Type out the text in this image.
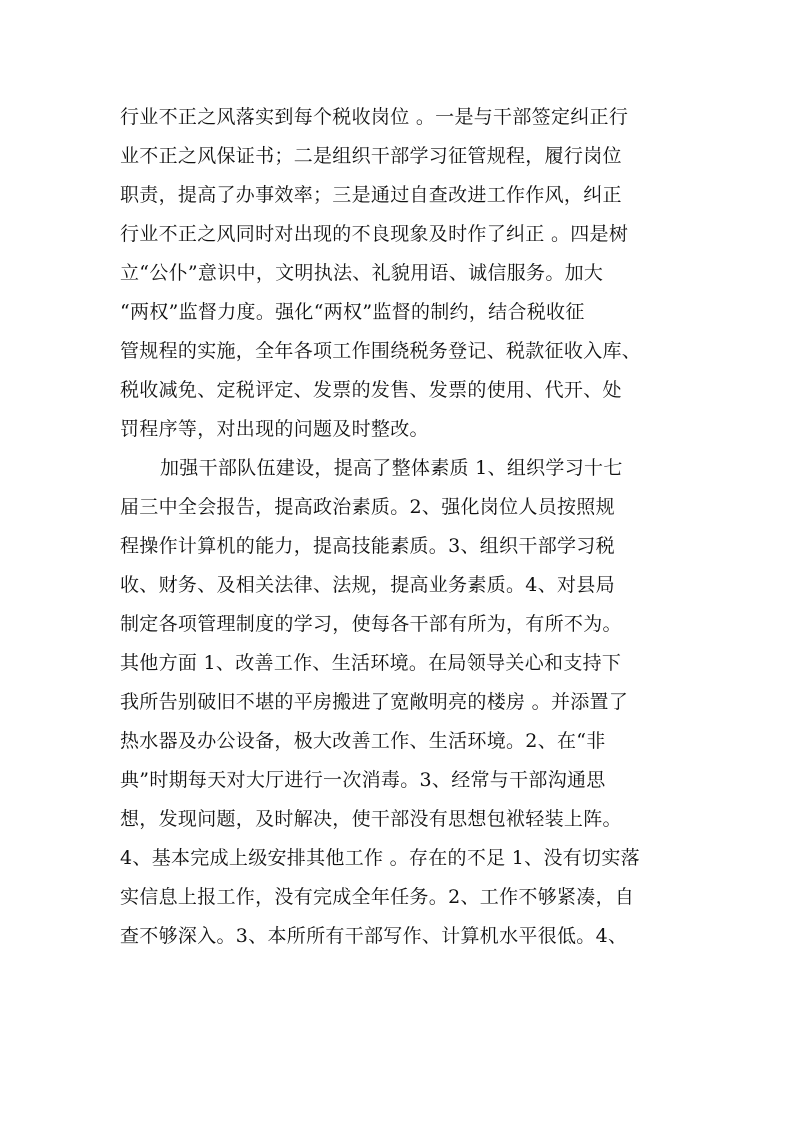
行业不正之风落实到每个税收岗位 。一是与干部签定纠正行
业不正之风保证书；二是组织干部学习征管规程，履行岗位
职责，提高了办事效率；三是通过自查改进工作作风，纠正
行业不正之风同时对出现的不良现象及时作了纠正 。四是树
立“公仆”意识中，文明执法、礼貌用语、诚信服务。加大
“两权”监督力度。强化“两权”监督的制约，结合税收征
管规程的实施，全年各项工作围绕税务登记、税款征收入库、
税收减免、定税评定、发票的发售、发票的使用、代开、处
罚程序等，对出现的问题及时整改。
加强干部队伍建设，提高了整体素质 1、组织学习十七
届三中全会报告，提高政治素质。2、强化岗位人员按照规
程操作计算机的能力，提高技能素质。3、组织干部学习税
收、财务、及相关法律、法规，提高业务素质。4、对县局
制定各项管理制度的学习，使每各干部有所为，有所不为。
其他方面 1、改善工作、生活环境。在局领导关心和支持下
我所告别破旧不堪的平房搬进了宽敞明亮的楼房 。并添置了
热水器及办公设备，极大改善工作、生活环境。2、在“非
典”时期每天对大厅进行一次消毒。3、经常与干部沟通思
想，发现问题，及时解决，使干部没有思想包袱轻装上阵。
4、基本完成上级安排其他工作 。存在的不足 1、没有切实落
实信息上报工作，没有完成全年任务。2、工作不够紧凑，自
查不够深入。3、本所所有干部写作、计算机水平很低。4、
